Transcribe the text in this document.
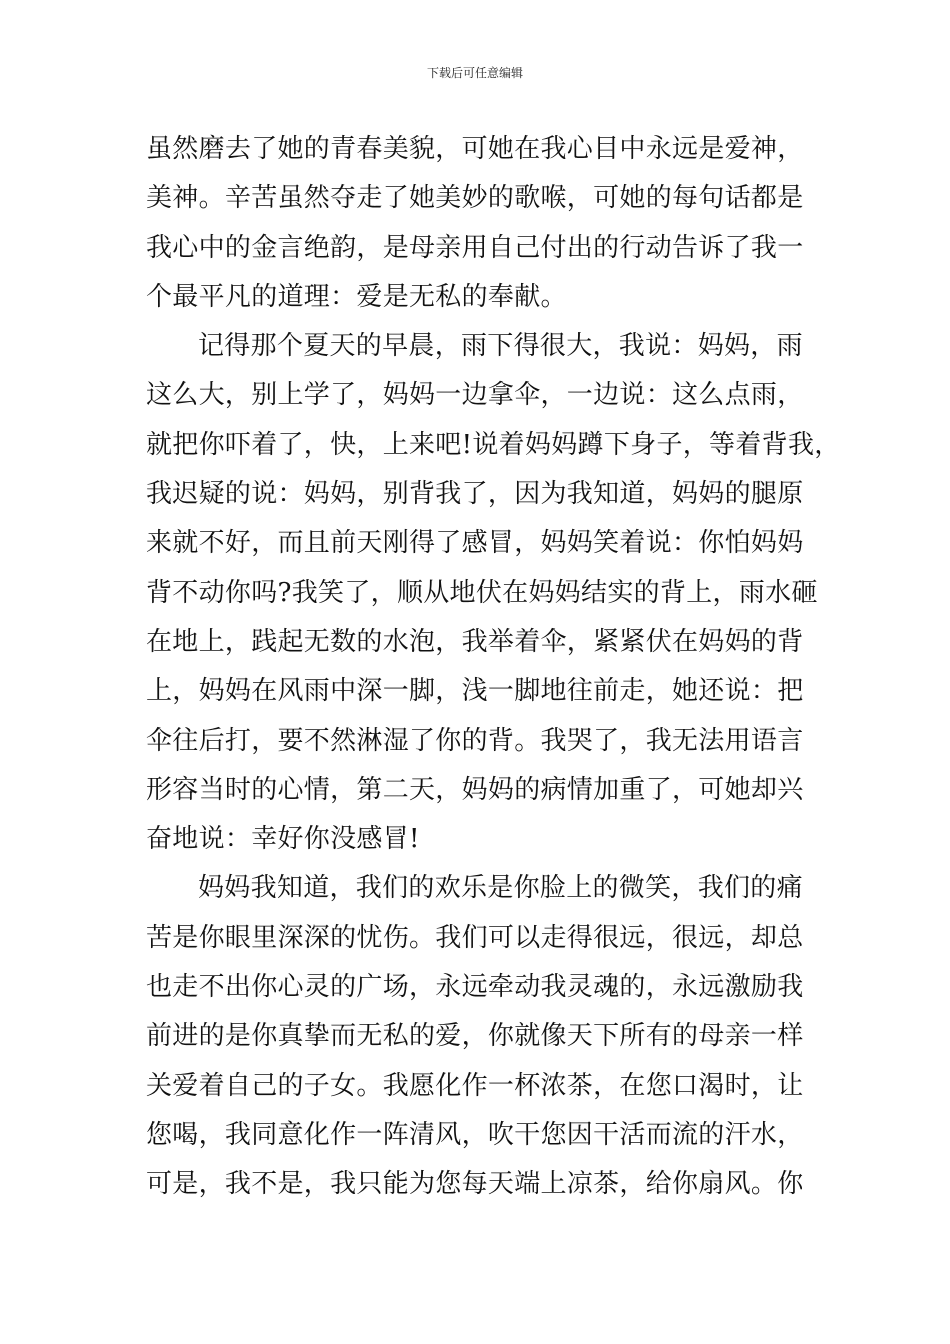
下载后可任意编辑
虽然磨去了她的青春美貌，可她在我心目中永远是爱神，
美神。辛苦虽然夺走了她美妙的歌喉，可她的每句话都是
我心中的金言绝韵，是母亲用自己付出的行动告诉了我一
个最平凡的道理：爱是无私的奉献。
记得那个夏天的早晨，雨下得很大，我说：妈妈，雨
这么大，别上学了，妈妈一边拿伞，一边说：这么点雨，
就把你吓着了，快，上来吧!说着妈妈蹲下身子，等着背我，
我迟疑的说：妈妈，别背我了，因为我知道，妈妈的腿原
来就不好，而且前天刚得了感冒，妈妈笑着说：你怕妈妈
背不动你吗?我笑了，顺从地伏在妈妈结实的背上，雨水砸
在地上，践起无数的水泡，我举着伞，紧紧伏在妈妈的背
上，妈妈在风雨中深一脚，浅一脚地往前走，她还说：把
伞往后打，要不然淋湿了你的背。我哭了，我无法用语言
形容当时的心情，第二天，妈妈的病情加重了，可她却兴
奋地说：幸好你没感冒!
妈妈我知道，我们的欢乐是你脸上的微笑，我们的痛
苦是你眼里深深的忧伤。我们可以走得很远，很远，却总
也走不出你心灵的广场，永远牵动我灵魂的，永远激励我
前进的是你真挚而无私的爱，你就像天下所有的母亲一样
关爱着自己的子女。我愿化作一杯浓茶，在您口渴时，让
您喝，我同意化作一阵清风，吹干您因干活而流的汗水，
可是，我不是，我只能为您每天端上凉茶，给你扇风。你
